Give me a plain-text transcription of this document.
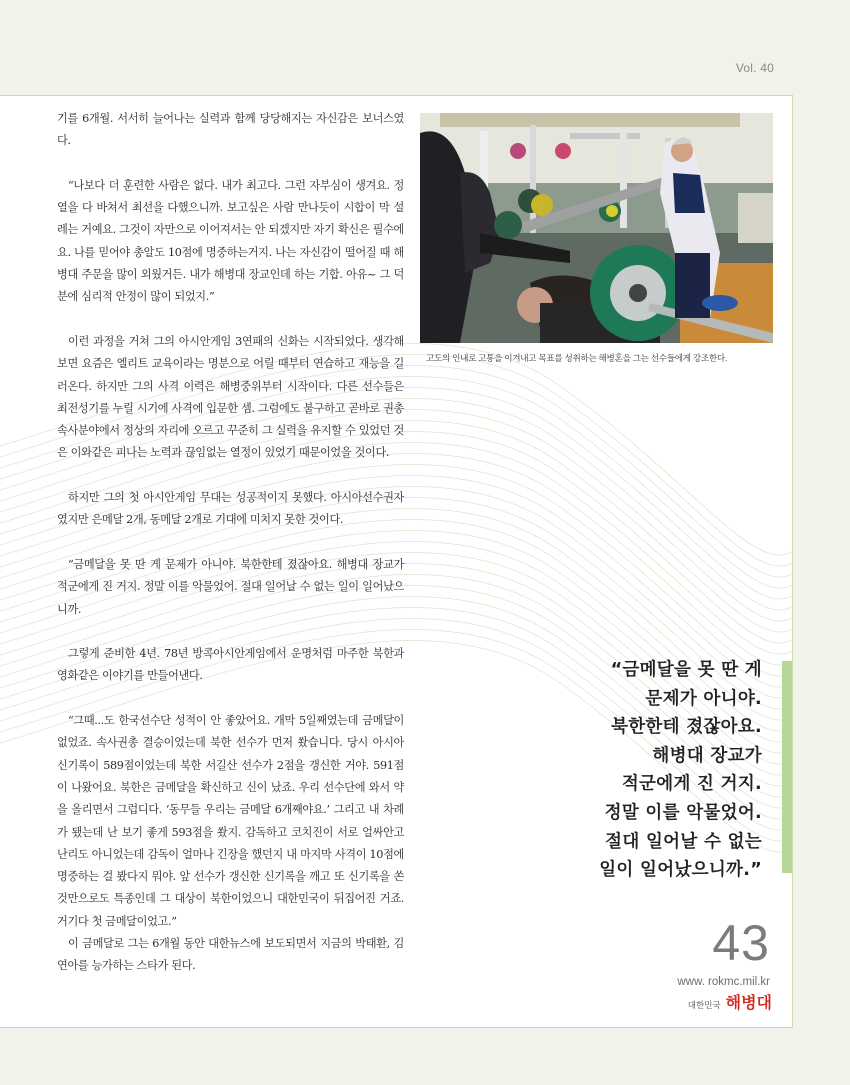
Vol. 40

기를 6개월. 서서히 늘어나는 실력과 함께 당당해지는 자신감은 보너스였다.

“나보다 더 훈련한 사람은 없다. 내가 최고다. 그런 자부심이 생겨요. 정열을 다 바쳐서 최선을 다했으니까. 보고싶은 사람 만나듯이 시합이 막 설레는 거예요. 그것이 자만으로 이어져서는 안 되겠지만 자기 확신은 필수에요. 나를 믿어야 총알도 10점에 명중하는거지. 나는 자신감이 떨어질 때 해병대 주문을 많이 외웠거든. 내가 해병대 장교인데 하는 기합. 아유~ 그 덕분에 심리적 안정이 많이 되었지.”

이런 과정을 거쳐 그의 아시안게임 3연패의 신화는 시작되었다. 생각해보면 요즘은 엘리트 교육이라는 명분으로 어릴 때부터 연습하고 재능을 길러온다. 하지만 그의 사격 이력은 해병중위부터 시작이다. 다른 선수들은 최전성기를 누릴 시기에 사격에 입문한 셈. 그럼에도 불구하고 곧바로 권총 속사분야에서 정상의 자리에 오르고 꾸준히 그 실력을 유지할 수 있었던 것은 이와같은 피나는 노력과 끊임없는 열정이 있었기 때문이었을 것이다.

하지만 그의 첫 아시안게임 무대는 성공적이지 못했다. 아시아선수권자였지만 은메달 2개, 동메달 2개로 기대에 미치지 못한 것이다.

“금메달을 못 딴 게 문제가 아니야. 북한한테 졌잖아요. 해병대 장교가 적군에게 진 거지. 정말 이를 악물었어. 절대 일어날 수 없는 일이 일어났으니까.

그렇게 준비한 4년. 78년 방콕아시안게임에서 운명처럼 마주한 북한과 영화같은 이야기를 만들어낸다.

“그때...도 한국선수단 성적이 안 좋았어요. 개막 5일째였는데 금메달이 없었죠. 속사권총 결승이었는데 북한 선수가 먼저 쐈습니다. 당시 아시아 신기록이 589점이었는데 북한 서길산 선수가 2점을 갱신한 거야. 591점이 나왔어요. 북한은 금메달을 확신하고 신이 났죠. 우리 선수단에 와서 약을 올리면서 그럽디다. ‘동무들 우리는 금메달 6개째야요.’ 그리고 내 차례가 됐는데 난 보기 좋게 593점을 쐈지. 감독하고 코치진이 서로 얼싸안고 난리도 아니었는데 감독이 얼마나 긴장을 했던지 내 마지막 사격이 10점에 명중하는 걸 봤다지 뭐야. 앞 선수가 갱신한 신기록을 깨고 또 신기록을 쏜 것만으로도 특종인데 그 대상이 북한이었으니 대한민국이 뒤집어진 거죠. 거기다 첫 금메달이었고.”

이 금메달로 그는 6개월 동안 대한뉴스에 보도되면서 지금의 박태환, 김연아를 능가하는 스타가 된다.

고도의 인내로 고통을 이겨내고 목표를 성취하는 해병혼을 그는 선수들에게 강조한다.
“금메달을 못 딴 게
문제가 아니야.
북한한테 졌잖아요.
해병대 장교가
적군에게 진 거지.
정말 이를 악물었어.
절대 일어날 수 없는
일이 일어났으니까.”
43
www. rokmc.mil.kr
대한민국 해병대
